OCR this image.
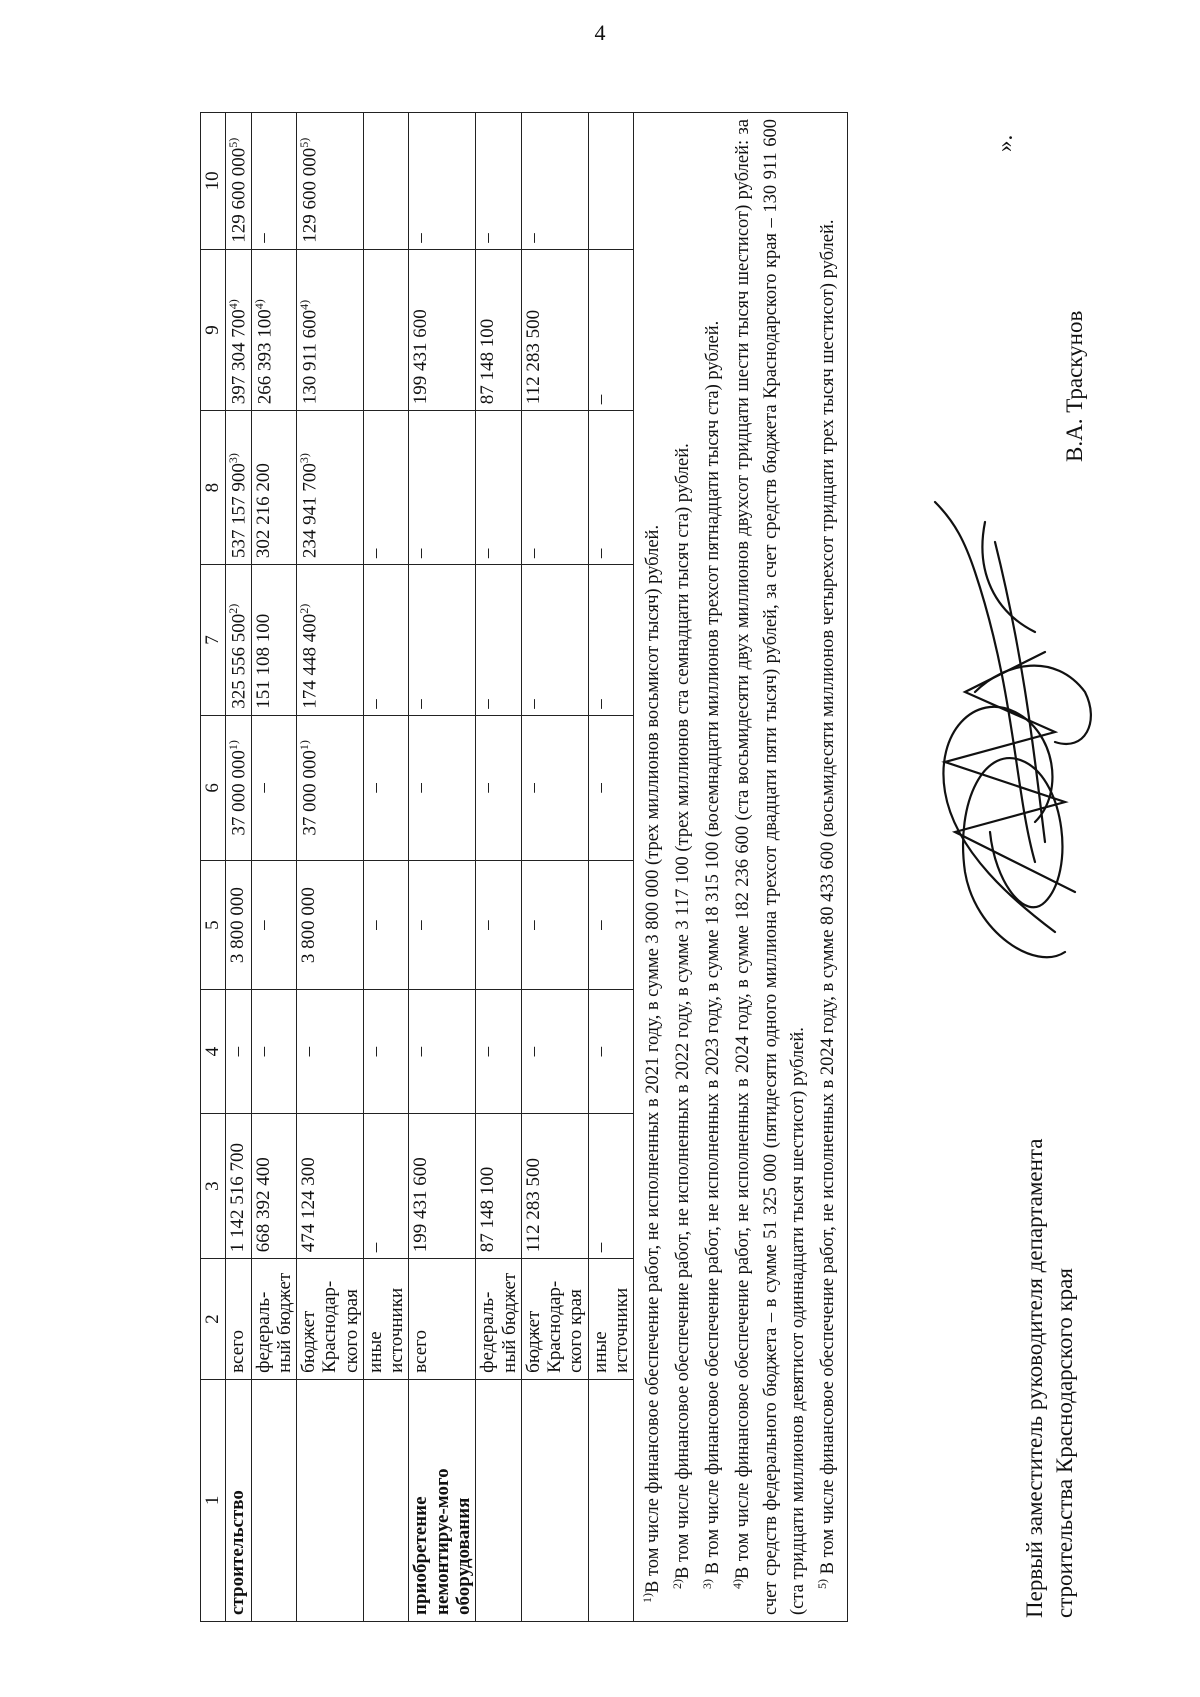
4
1	2	3	4	5	6	7	8	9	10
строительство	всего	1 142 516 700	–	3 800 000	37 000 000$^{1)}$	325 556 500$^{2)}$	537 157 900$^{3)}$	397 304 700$^{4)}$	129 600 000$^{5)}$
	федераль-ный бюджет	668 392 400	–	–	–	151 108 100	302 216 200	266 393 100$^{4)}$	–
	бюджет Краснодар-ского края	474 124 300	–	3 800 000	37 000 000$^{1)}$	174 448 400$^{2)}$	234 941 700$^{3)}$	130 911 600$^{4)}$	129 600 000$^{5)}$
	иные источники	–	–	–	–	–	–		
приобретение немонтируе-мого оборудования	всего	199 431 600	–	–	–	–	–	199 431 600	–
	федераль-ный бюджет	87 148 100	–	–	–	–	–	87 148 100	–
	бюджет Краснодар-ского края	112 283 500	–	–	–	–	–	112 283 500	–
	иные источники	–	–	–	–	–	–	–	

$^{1)}$В том числе финансовое обеспечение работ, не исполненных в 2021 году, в сумме 3 800 000 (трех миллионов восьмисот тысяч) рублей. $^{2)}$В том числе финансовое обеспечение работ, не исполненных в 2022 году, в сумме 3 117 100 (трех миллионов ста семнадцати тысяч ста) рублей.

$^{3)}$ В том числе финансовое обеспечение работ, не исполненных в 2023 году, в сумме 18 315 100 (восемнадцати миллионов трехсот пятнадцати тысяч ста) рублей.

$^{4)}$В том числе финансовое обеспечение работ, не исполненных в 2024 году, в сумме 182 236 600 (ста восьмидесяти двух миллионов двухсот тридцати шести тысяч шестисот) рублей: за счет средств федерального бюджета – в сумме 51 325 000 (пятидесяти одного миллиона трехсот двадцати пяти тысяч) рублей, за счет средств бюджета Краснодарского края – 130 911 600 (ста тридцати миллионов девятисот одиннадцати тысяч шестисот) рублей. $^{5)}$ В том числе финансовое обеспечение работ, не исполненных в 2024 году, в сумме 80 433 600 (восьмидесяти миллионов четырехсот тридцати трех тысяч шестисот) рублей.									

».
Первый заместитель руководителя департамента строительства Краснодарского края
В.А. Траскунов
